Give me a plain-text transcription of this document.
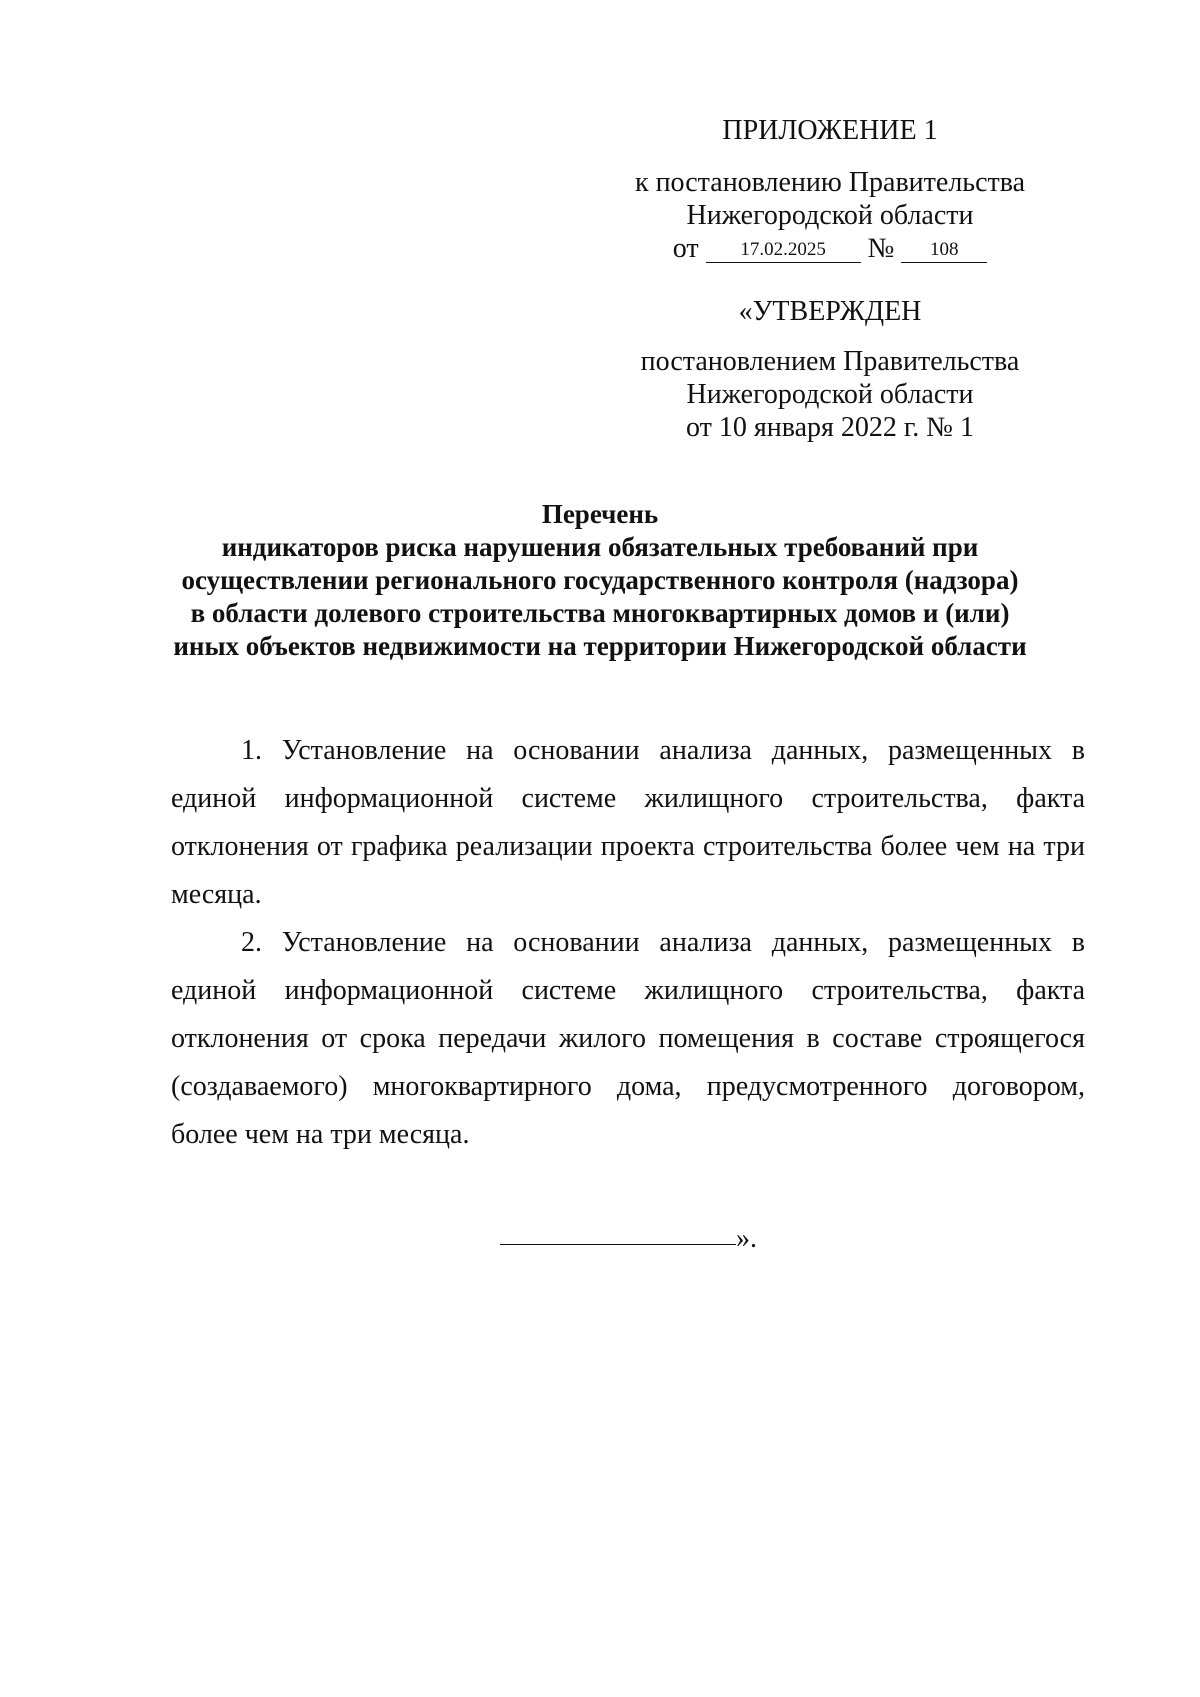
ПРИЛОЖЕНИЕ 1
к постановлению Правительства
Нижегородской области
от 17.02.2025 № 108
«УТВЕРЖДЕН
постановлением Правительства
Нижегородской области
от 10 января 2022 г. № 1
Перечень
индикаторов риска нарушения обязательных требований при
осуществлении регионального государственного контроля (надзора)
в области долевого строительства многоквартирных домов и (или)
иных объектов недвижимости на территории Нижегородской области

1. Установление на основании анализа данных, размещенных в единой информационной системе жилищного строительства, факта отклонения от графика реализации проекта строительства более чем на три месяца.

2. Установление на основании анализа данных, размещенных в единой информационной системе жилищного строительства, факта отклонения от срока передачи жилого помещения в составе строящегося (создаваемого) многоквартирного дома, предусмотренного договором, более чем на три месяца.

».
